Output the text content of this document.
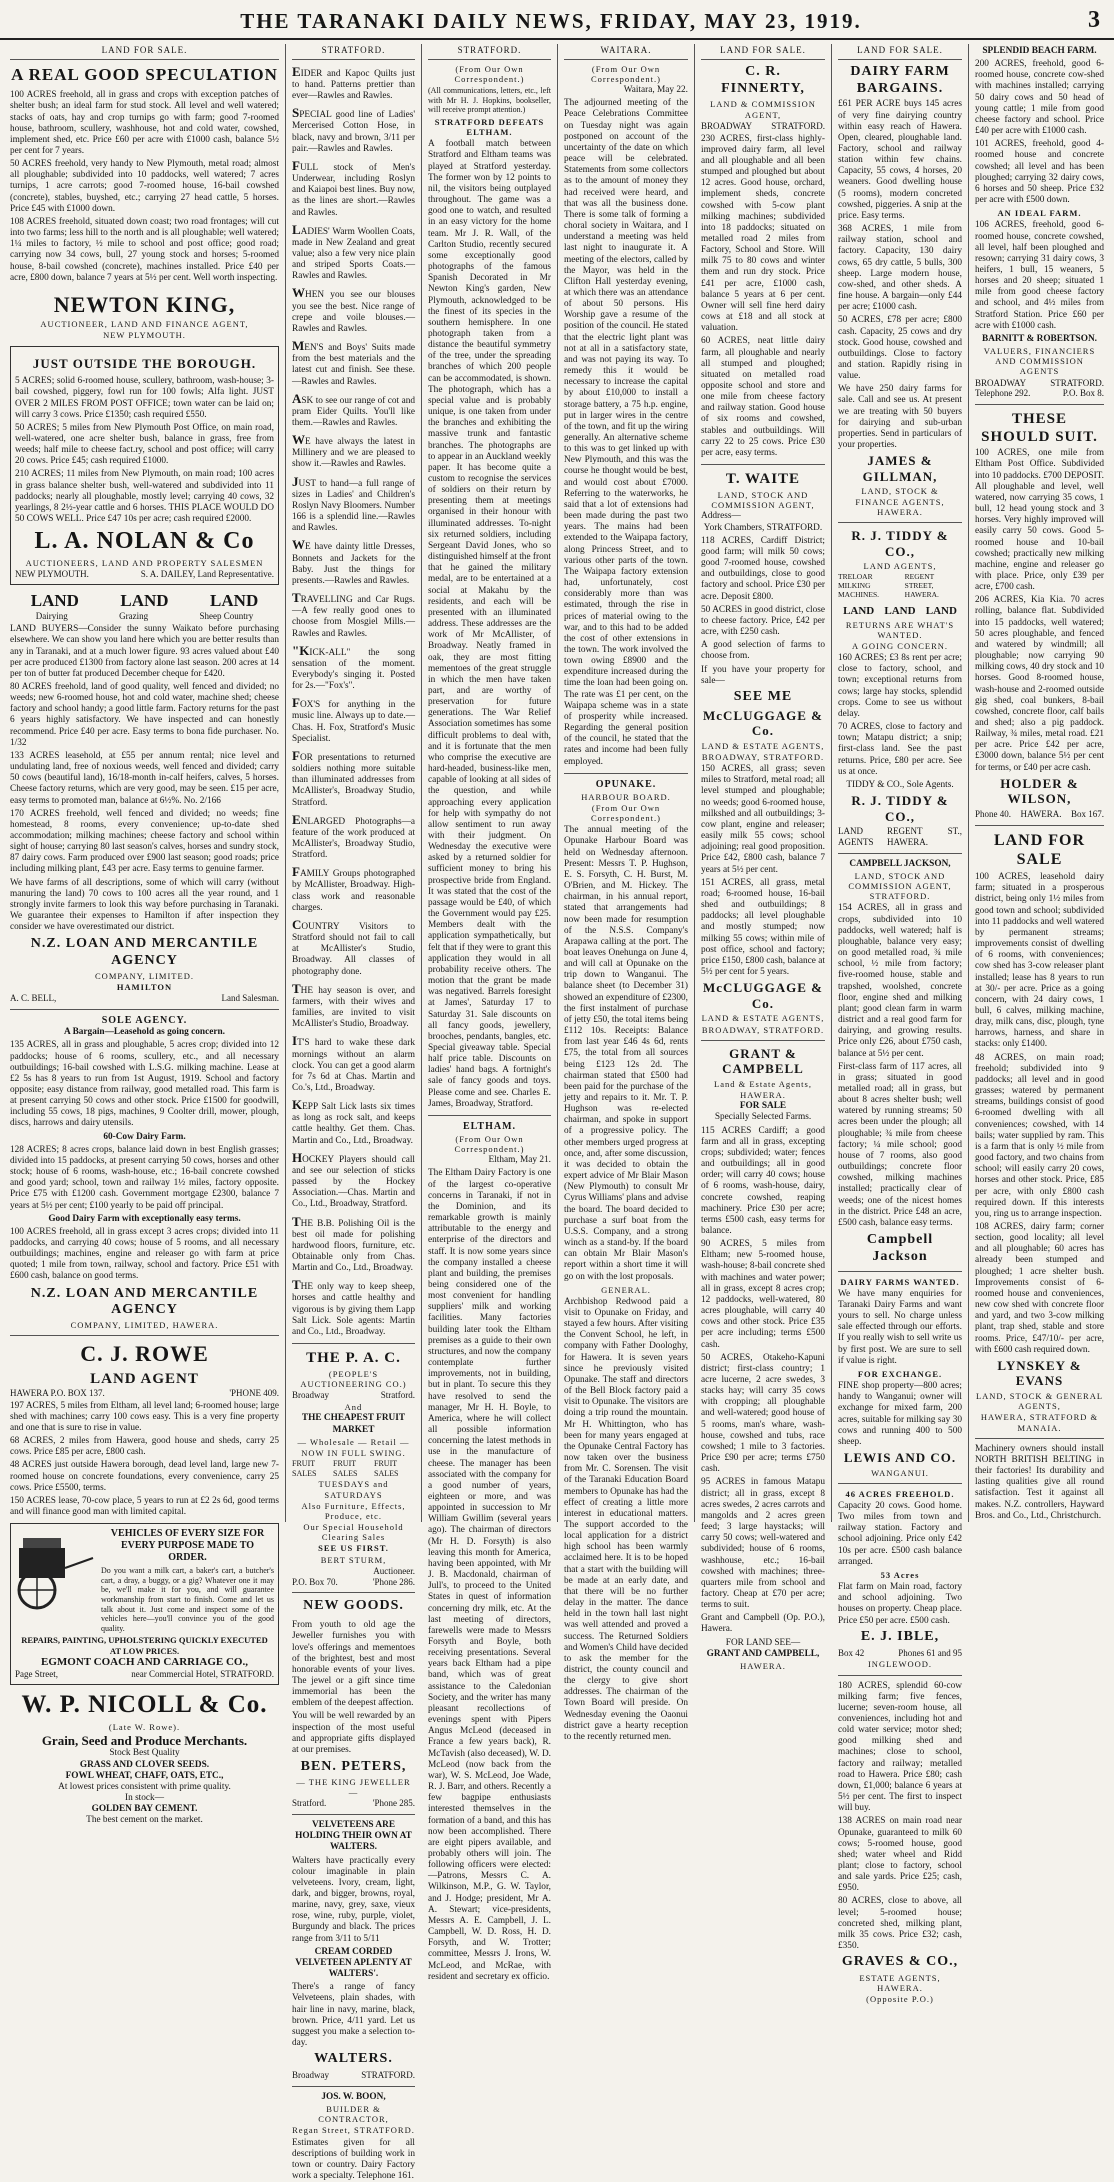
THE TARANAKI DAILY NEWS, FRIDAY, MAY 23, 1919.	3
LAND FOR SALE.
A REAL GOOD SPECULATION

100 ACRES freehold, all in grass and crops with exception patches of shelter bush; an ideal farm for stud stock. All level and well watered; stacks of oats, hay and crop turnips go with farm; good 7-roomed house, bathroom, scullery, washhouse, hot and cold water, cowshed, implement shed, etc. Price £60 per acre with £1000 cash, balance 5½ per cent for 7 years.

50 ACRES freehold, very handy to New Plymouth, metal road; almost all ploughable; subdivided into 10 paddocks, well watered; 7 acres turnips, 1 acre carrots; good 7-roomed house, 16-bail cowshed (concrete), stables, buyshed, etc.; carrying 27 head cattle, 5 horses. Price £45 with £1000 down.

108 ACRES freehold, situated down coast; two road frontages; will cut into two farms; less hill to the north and is all ploughable; well watered; 1¼ miles to factory, ½ mile to school and post office; good road; carrying now 34 cows, bull, 27 young stock and horses; 5-roomed house, 8-bail cowshed (concrete), machines installed. Price £40 per acre, £800 down, balance 7 years at 5½ per cent. Well worth inspecting.

NEWTON KING,
AUCTIONEER, LAND AND FINANCE AGENT,
NEW PLYMOUTH.
JUST OUTSIDE THE BOROUGH.

5 ACRES; solid 6-roomed house, scullery, bathroom, wash-house; 3-bail cowshed, piggery, fowl run for 100 fowls; Alfa light. JUST OVER 2 MILES FROM POST OFFICE; town water can be laid on; will carry 3 cows. Price £1350; cash required £550.

50 ACRES; 5 miles from New Plymouth Post Office, on main road, well-watered, one acre shelter bush, balance in grass, free from weeds; half mile to cheese fact.ry, school and post office; will carry 20 cows. Price £45; cash required £1000.

210 ACRES; 11 miles from New Plymouth, on main road; 100 acres in grass balance shelter bush, well-watered and subdivided into 11 paddocks; nearly all ploughable, mostly level; carrying 40 cows, 32 yearlings, 8 2½-year cattle and 6 horses. THIS PLACE WOULD DO 50 COWS WELL. Price £47 10s per acre; cash required £2000.

L. A. NOLAN & Co
AUCTIONEERS, LAND AND PROPERTY SALESMEN
NEW PLYMOUTH.	S. A. DAILEY, Land Representative.
LAND LAND LAND
Dairying	Grazing	Sheep Country

LAND BUYERS—Consider the sunny Waikato before purchasing elsewhere. We can show you land here which you are better results than any in Taranaki, and at a much lower figure. 93 acres valued about £40 per acre produced £1300 from factory alone last season. 200 acres at 14 per ton of butter fat produced December cheque for £420.

80 ACRES freehold, land of good quality, well fenced and divided; no weeds; new 6-roomed house, hot and cold water, machine shed; cheese factory and school handy; a good little farm. Factory returns for the past 6 years highly satisfactory. We have inspected and can honestly recommend. Price £40 per acre. Easy terms to bona fide purchaser. No. 1/32

133 ACRES leasehold, at £55 per annum rental; nice level and undulating land, free of noxious weeds, well fenced and divided; carry 50 cows (beautiful land), 16/18-month in-calf heifers, calves, 5 horses. Cheese factory returns, which are very good, may be seen. £15 per acre, easy terms to promoted man, balance at 6½%. No. 2/166

170 ACRES freehold, well fenced and divided; no weeds; fine homestead, 8 rooms, every convenience; up-to-date shed accommodation; milking machines; cheese factory and school within sight of house; carrying 80 last season's calves, horses and sundry stock, 87 dairy cows. Farm produced over £900 last season; good roads; price including milking plant, £43 per acre. Easy terms to genuine farmer.

We have farms of all descriptions, some of which will carry (without manuring the land) 70 cows to 100 acres all the year round, and 1 strongly invite farmers to look this way before purchasing in Taranaki. We guarantee their expenses to Hamilton if after inspection they consider we have overestimated our district.

N.Z. LOAN AND MERCANTILE AGENCY
COMPANY, LIMITED.
HAMILTON
A. C. BELL,	Land Salesman.
SOLE AGENCY.
A Bargain—Leasehold as going concern.

135 ACRES, all in grass and ploughable, 5 acres crop; divided into 12 paddocks; house of 6 rooms, scullery, etc., and all necessary outbuildings; 16-bail cowshed with L.S.G. milking machine. Lease at £2 5s has 8 years to run from 1st August, 1919. School and factory opposite; easy distance from railway, good metalled road. This farm is at present carrying 50 cows and other stock. Price £1500 for goodwill, including 55 cows, 18 pigs, machines, 9 Coolter drill, mower, plough, discs, harrows and dairy utensils.

60-Cow Dairy Farm.

128 ACRES; 8 acres crops, balance laid down in best English grasses; divided into 15 paddocks, at present carrying 50 cows, horses and other stock; house of 6 rooms, wash-house, etc.; 16-bail concrete cowshed and good yard; school, town and railway 1½ miles, factory opposite. Price £75 with £1200 cash. Government mortgage £2300, balance 7 years at 5½ per cent; £100 yearly to be paid off principal.

Good Dairy Farm with exceptionally easy terms.

100 ACRES freehold, all in grass except 3 acres crops; divided into 11 paddocks, and carrying 40 cows; house of 5 rooms, and all necessary outbuildings; machines, engine and releaser go with farm at price quoted; 1 mile from town, railway, school and factory. Price £51 with £600 cash, balance on good terms.

N.Z. LOAN AND MERCANTILE AGENCY
COMPANY, LIMITED, HAWERA.
C. J. ROWE
LAND AGENT
HAWERA P.O. BOX 137.	'PHONE 409.

197 ACRES, 5 miles from Eltham, all level land; 6-roomed house; large shed with machines; carry 100 cows easy. This is a very fine property and one that is sure to rise in value.

68 ACRES, 2 miles from Hawera, good house and sheds, carry 25 cows. Price £85 per acre, £800 cash.

48 ACRES just outside Hawera borough, dead level land, large new 7-roomed house on concrete foundations, every convenience, carry 25 cows. Price £5500, terms.

150 ACRES lease, 70-cow place, 5 years to run at £2 2s 6d, good terms and will finance good man with limited capital.

VEHICLES OF EVERY SIZE FOR EVERY PURPOSE MADE TO ORDER.

Do you want a milk cart, a baker's cart, a butcher's cart, a dray, a buggy, or a gig? Whatever one it may be, we'll make it for you, and will guarantee workmanship from start to finish. Come and let us talk about it. Just come and inspect some of the vehicles here—you'll convince you of the good quality.

REPAIRS, PAINTING, UPHOLSTERING QUICKLY EXECUTED AT LOW PRICES.
EGMONT COACH AND CARRIAGE CO.,
Page Street,	near Commercial Hotel, STRATFORD.
W. P. NICOLL & Co.
(Late W. Rowe).
Grain, Seed and Produce Merchants.
Stock Best Quality
GRASS AND CLOVER SEEDS.
FOWL WHEAT, CHAFF, OATS, ETC.,
At lowest prices consistent with prime quality.
In stock—
GOLDEN BAY CEMENT.
The best cement on the market.
STRATFORD.
EIDER and Kapoc Quilts just to hand. Patterns prettier than ever—Rawles and Rawles.
SPECIAL good line of Ladies' Mercerised Cotton Hose, in black, navy and brown, 3/11 per pair.—Rawles and Rawles.
FULL stock of Men's Underwear, including Roslyn and Kaiapoi best lines. Buy now, as the lines are short.—Rawles and Rawles.
LADIES' Warm Woollen Coats, made in New Zealand and great value; also a few very nice plain and striped Sports Coats.—Rawles and Rawles.
WHEN you see our blouses you see the best. Nice range of crepe and voile blouses.—Rawles and Rawles.
MEN'S and Boys' Suits made from the best materials and the latest cut and finish. See these.—Rawles and Rawles.
ASK to see our range of cot and pram Eider Quilts. You'll like them.—Rawles and Rawles.
WE have always the latest in Millinery and we are pleased to show it.—Rawles and Rawles.
JUST to hand—a full range of sizes in Ladies' and Children's Roslyn Navy Bloomers. Number 166 is a splendid line.—Rawles and Rawles.
WE have dainty little Dresses, Bonnets and Jackets for the Baby. Just the things for presents.—Rawles and Rawles.
TRAVELLING and Car Rugs.—A few really good ones to choose from Mosgiel Mills.—Rawles and Rawles.
"KICK-ALL" the song sensation of the moment. Everybody's singing it. Posted for 2s.—"Fox's".
FOX'S for anything in the music line. Always up to date.—Chas. H. Fox, Stratford's Music Specialist.
FOR presentations to returned soldiers nothing more suitable than illuminated addresses from McAllister's, Broadway Studio, Stratford.
ENLARGED Photographs—a feature of the work produced at McAllister's, Broadway Studio, Stratford.
FAMILY Groups photographed by McAllister, Broadway. High-class work and reasonable charges.
COUNTRY Visitors to Stratford should not fail to call at McAllister's Studio, Broadway. All classes of photography done.
THE hay season is over, and farmers, with their wives and families, are invited to visit McAllister's Studio, Broadway.
IT'S hard to wake these dark mornings without an alarm clock. You can get a good alarm for 7s 6d at Chas. Martin and Co.'s, Ltd., Broadway.
KEPP Salt Lick lasts six times as long as rock salt, and keeps cattle healthy. Get them. Chas. Martin and Co., Ltd., Broadway.
HOCKEY Players should call and see our selection of sticks passed by the Hockey Association.—Chas. Martin and Co., Ltd., Broadway, Stratford.
THE B.B. Polishing Oil is the best oil made for polishing hardwood floors, furniture, etc. Obtainable only from Chas. Martin and Co., Ltd., Broadway.
THE only way to keep sheep, horses and cattle healthy and vigorous is by giving them Lapp Salt Lick. Sole agents: Martin and Co., Ltd., Broadway.
THE P. A. C.
(PEOPLE'S AUCTIONEERING CO.)
Broadway	Stratford.
And
THE CHEAPEST FRUIT MARKET
— Wholesale — Retail —
NOW IN FULL SWING.
FRUIT SALES
FRUIT SALES
FRUIT SALES
TUESDAYS and SATURDAYS
Also Furniture, Effects, Produce, etc.
Our Special Household Clearing Sales
SEE US FIRST.
BERT STURM,
Auctioneer.
P.O. Box 70.	'Phone 286.
NEW GOODS.

From youth to old age the Jeweller furnishes you with love's offerings and mementoes of the brightest, best and most honorable events of your lives. The jewel or a gift since time immemorial has been the emblem of the deepest affection.

You will be well rewarded by an inspection of the most useful and appropriate gifts displayed at our premises.

BEN. PETERS,
— THE KING JEWELLER —
Stratford.	'Phone 285.
VELVETEENS ARE HOLDING THEIR OWN AT WALTERS.

Walters have practically every colour imaginable in plain velveteens. Ivory, cream, light, dark, and bigger, browns, royal, marine, navy, grey, saxe, vieux rose, wine, ruby, purple, violet, Burgundy and black. The prices range from 3/11 to 5/11

CREAM CORDED VELVETEEN APLENTY AT WALTERS'.

There's a range of fancy Velveteens, plain shades, with hair line in navy, marine, black, brown. Price, 4/11 yard. Let us suggest you make a selection to-day.

WALTERS.
Broadway	STRATFORD.
JOS. W. BOON,
BUILDER & CONTRACTOR,
Regan Street, STRATFORD.

Estimates given for all descriptions of building work in town or country. Dairy Factory work a specialty. Telephone 161.

STRATFORD.
(From Our Own Correspondent.)

(All communications, letters, etc., left with Mr H. J. Hopkins, bookseller, will receive prompt attention.)

STRATFORD DEFEATS ELTHAM.

A football match between Stratford and Eltham teams was played at Stratford yesterday. The former won by 12 points to nil, the visitors being outplayed throughout. The game was a good one to watch, and resulted in an easy victory for the home team. Mr J. R. Wall, of the Carlton Studio, recently secured some exceptionally good photographs of the famous Spanish Decorated in Mr Newton King's garden, New Plymouth, acknowledged to be the finest of its species in the southern hemisphere. In one photograph taken from a distance the beautiful symmetry of the tree, under the spreading branches of which 200 people can be accommodated, is shown. The photograph, which has a special value and is probably unique, is one taken from under the branches and exhibiting the massive trunk and fantastic branches. The photographs are to appear in an Auckland weekly paper. It has become quite a custom to recognise the services of soldiers on their return by presenting them at meetings organised in their honour with illuminated addresses. To-night six returned soldiers, including Sergeant David Jones, who so distinguished himself at the front that he gained the military medal, are to be entertained at a social at Makahu by the residents, and each will be presented with an illuminated address. These addresses are the work of Mr McAllister, of Broadway. Neatly framed in oak, they are most fitting mementoes of the great struggle in which the men have taken part, and are worthy of preservation for future generations. The War Relief Association sometimes has some difficult problems to deal with, and it is fortunate that the men who comprise the executive are hard-headed, business-like men, capable of looking at all sides of the question, and while approaching every application for help with sympathy do not allow sentiment to run away with their judgment. On Wednesday the executive were asked by a returned soldier for sufficient money to bring his prospective bride from England. It was stated that the cost of the passage would be £40, of which the Government would pay £25. Members dealt with the application sympathetically, but felt that if they were to grant this application they would in all probability receive others. The motion that the grant be made was negatived. Barrels foresight at James', Saturday 17 to Saturday 31. Sale discounts on all fancy goods, jewellery, brooches, pendants, bangles, etc. Special giveaway table. Special half price table. Discounts on ladies' hand bags. A fortnight's sale of fancy goods and toys. Please come and see. Charles E. James, Broadway, Stratford.

ELTHAM.
(From Our Own Correspondent.)
Eltham, May 21.

The Eltham Dairy Factory is one of the largest co-operative concerns in Taranaki, if not in the Dominion, and its remarkable growth is mainly attributable to the energy and enterprise of the directors and staff. It is now some years since the company installed a cheese plant and building, the premises being considered one of the most convenient for handling suppliers' milk and working facilities. Many factories building later took the Eltham premises as a guide to their own structures, and now the company contemplate further improvements, not in building, but in plant. To secure this they have resolved to send the manager, Mr H. H. Boyle, to America, where he will collect all possible information concerning the latest methods in use in the manufacture of cheese. The manager has been associated with the company for a good number of years, eighteen or more, and was appointed in succession to Mr William Gwillim (several years ago). The chairman of directors (Mr H. D. Forsyth) is also leaving this month for America, having been appointed, with Mr J. B. Macdonald, chairman of Jull's, to proceed to the United States in quest of information concerning dry milk, etc. At the last meeting of directors, farewells were made to Messrs Forsyth and Boyle, both receiving presentations. Several years back Eltham had a pipe band, which was of great assistance to the Caledonian Society, and the writer has many pleasant recollections of evenings spent with Pipers Angus McLeod (deceased in France a few years back), R. McTavish (also deceased), W. D. McLeod (now back from the war), W. S. McLeod, Joe Wade, R. J. Barr, and others. Recently a few bagpipe enthusiasts interested themselves in the formation of a band, and this has now been accomplished. There are eight pipers available, and probably others will join. The following officers were elected:—Patrons, Messrs C. A. Wilkinson, M.P., G. W. Taylor, and J. Hodge; president, Mr A. A. Stewart; vice-presidents, Messrs A. E. Campbell, J. L. Campbell, W. D. Ross, H. D. Forsyth, and W. Trotter; committee, Messrs J. Irons, W. McLeod, and McRae, with resident and secretary ex officio.

WAITARA.
(From Our Own Correspondent.)
Waitara, May 22.

The adjourned meeting of the Peace Celebrations Committee on Tuesday night was again postponed on account of the uncertainty of the date on which peace will be celebrated. Statements from some collectors as to the amount of money they had received were heard, and that was all the business done. There is some talk of forming a choral society in Waitara, and I understand a meeting was held last night to inaugurate it. A meeting of the electors, called by the Mayor, was held in the Clifton Hall yesterday evening, at which there was an attendance of about 50 persons. His Worship gave a resume of the position of the council. He stated that the electric light plant was not at all in a satisfactory state, and was not paying its way. To remedy this it would be necessary to increase the capital by about £10,000 to install a storage battery, a 75 h.p. engine, put in larger wires in the centre of the town, and fit up the wiring generally. An alternative scheme to this was to get linked up with New Plymouth, and this was the course he thought would be best, and would cost about £7000. Referring to the waterworks, he said that a lot of extensions had been made during the past two years. The mains had been extended to the Waipapa factory, along Princess Street, and to various other parts of the town. The Waipapa factory extension had, unfortunately, cost considerably more than was estimated, through the rise in prices of material owing to the war, and to this had to be added the cost of other extensions in the town. The work involved the town owing £8900 and the expenditure increased during the time the loan had been going on. The rate was £1 per cent, on the Waipapa scheme was in a state of prosperity while increased. Regarding the general position of the council, he stated that the rates and income had been fully employed.

OPUNAKE.
HARBOUR BOARD.
(From Our Own Correspondent.)

The annual meeting of the Opunake Harbour Board was held on Wednesday afternoon. Present: Messrs T. P. Hughson, E. S. Forsyth, C. H. Burst, M. O'Brien, and M. Hickey. The chairman, in his annual report, stated that arrangements had now been made for resumption of the N.S.S. Company's Arapawa calling at the port. The boat leaves Onehunga on June 4, and will call at Opunake on the trip down to Wanganui. The balance sheet (to December 31) showed an expenditure of £2300, the first instalment of purchase of jetty £50, the total items being £112 10s. Receipts: Balance from last year £46 4s 6d, rents £75, the total from all sources being £123 12s 2d. The chairman stated that £500 had been paid for the purchase of the jetty and repairs to it. Mr. T. P. Hughson was re-elected chairman, and spoke in support of a progressive policy. The other members urged progress at once, and, after some discussion, it was decided to obtain the expert advice of Mr Blair Mason (New Plymouth) to consult Mr Cyrus Williams' plans and advise the board. The board decided to purchase a surf boat from the U.S.S. Company, and a strong winch as a stand-by. If the board can obtain Mr Blair Mason's report within a short time it will go on with the lost proposals.

GENERAL.

Archbishop Redwood paid a visit to Opunake on Friday, and stayed a few hours. After visiting the Convent School, he left, in company with Father Doologhy, for Hawera. It is seven years since he previously visited Opunake. The staff and directors of the Bell Block factory paid a visit to Opunake. The visitors are doing a trip round the mountain. Mr H. Whittington, who has been for many years engaged at the Opunake Central Factory has now taken over the business from Mr. C. Sorensen. The visit of the Taranaki Education Board members to Opunake has had the effect of creating a little more interest in educational matters. The support accorded to the local application for a district high school has been warmly acclaimed here. It is to be hoped that a start with the building will be made at an early date, and that there will be no further delay in the matter. The dance held in the town hall last night was well attended and proved a success. The Returned Soldiers and Women's Child have decided to ask the member for the district, the county council and the clergy to give short addresses. The chairman of the Town Board will preside. On Wednesday evening the Oaonui district gave a hearty reception to the recently returned men.

LAND FOR SALE.
C. R. FINNERTY,
LAND & COMMISSION AGENT,
BROADWAY STRATFORD.

230 ACRES, first-class highly-improved dairy farm, all level and all ploughable and all been stumped and ploughed but about 12 acres. Good house, orchard, implement sheds, concrete cowshed with 5-cow plant milking machines; subdivided into 18 paddocks; situated on metalled road 2 miles from Factory, School and Store. Will milk 75 to 80 cows and winter them and run dry stock. Price £41 per acre, £1000 cash, balance 5 years at 6 per cent. Owner will sell fine herd dairy cows at £18 and all stock at valuation.

60 ACRES, neat little dairy farm, all ploughable and nearly all stumped and ploughed; situated on metalled road opposite school and store and one mile from cheese factory and railway station. Good house of six rooms and cowshed, stables and outbuildings. Will carry 22 to 25 cows. Price £30 per acre, easy terms.

T. WAITE
LAND, STOCK AND COMMISSION AGENT,
Address—
York Chambers, STRATFORD.

118 ACRES, Cardiff District; good farm; will milk 50 cows; good 7-roomed house, cowshed and outbuildings, close to good factory and school. Price £30 per acre. Deposit £800.

50 ACRES in good district, close to cheese factory. Price, £42 per acre, with £250 cash.

A good selection of farms to choose from.

If you have your property for sale—

SEE ME
McCLUGGAGE & Co.
LAND & ESTATE AGENTS,
BROADWAY, STRATFORD.

150 ACRES, all grass; seven miles to Stratford, metal road; all level stumped and ploughable; no weeds; good 6-roomed house, milkshed and all outbuildings; 3-cow plant, engine and releaser; easily milk 55 cows; school adjoining; real good proposition. Price £42, £800 cash, balance 7 years at 5½ per cent.

151 ACRES, all grass, metal road; 6-roomed house, 16-bail shed and outbuildings; 8 paddocks; all level ploughable and mostly stumped; now milking 55 cows; within mile of post office, school and factory; price £150, £800 cash, balance at 5½ per cent for 5 years.

McCLUGGAGE & Co.
LAND & ESTATE AGENTS,
BROADWAY, STRATFORD.
GRANT & CAMPBELL
Land & Estate Agents,
HAWERA.
FOR SALE
Specially Selected Farms.

115 ACRES Cardiff; a good farm and all in grass, excepting crops; subdivided; water; fences and outbuildings; all in good order; will carry 40 cows; house of 6 rooms, wash-house, dairy, concrete cowshed, reaping machinery. Price £30 per acre; terms £500 cash, easy terms for balance.

90 ACRES, 5 miles from Eltham; new 5-roomed house, wash-house; 8-bail concrete shed with machines and water power; all in grass, except 8 acres crop; 12 paddocks, well-watered, 80 acres ploughable, will carry 40 cows and other stock. Price £35 per acre including; terms £500 cash.

50 ACRES, Otakeho-Kapuni district; first-class country; 1 acre lucerne, 2 acre swedes, 3 stacks hay; will carry 35 cows with cropping; all ploughable and well-watered; good house of 5 rooms, man's whare, wash-house, cowshed and tubs, race cowshed; 1 mile to 3 factories. Price £90 per acre; terms £750 cash.

95 ACRES in famous Matapu district; all in grass, except 8 acres swedes, 2 acres carrots and mangolds and 2 acres green feed; 3 large haystacks; will carry 50 cows; well-watered and subdivided; house of 6 rooms, washhouse, etc.; 16-bail cowshed with machines; three-quarters mile from school and factory. Cheap at £70 per acre; terms to suit.

Grant and Campbell (Op. P.O.), Hawera.

FOR LAND SEE—
GRANT AND CAMPBELL,
HAWERA.
LAND FOR SALE.
DAIRY FARM BARGAINS.

£61 PER ACRE buys 145 acres of very fine dairying country within easy reach of Hawera. Open, cleared, ploughable land. Factory, school and railway station within few chains. Capacity, 55 cows, 4 horses, 20 weaners. Good dwelling house (5 rooms), modern concreted cowshed, piggeries. A snip at the price. Easy terms.

368 ACRES, 1 mile from railway station, school and factory. Capacity, 130 dairy cows, 65 dry cattle, 5 bulls, 300 sheep. Large modern house, cow-shed, and other sheds. A fine house. A bargain—only £44 per acre; £1000 cash.

50 ACRES, £78 per acre; £800 cash. Capacity, 25 cows and dry stock. Good house, cowshed and outbuildings. Close to factory and station. Rapidly rising in value.

We have 250 dairy farms for sale. Call and see us. At present we are treating with 50 buyers for dairying and sub-urban properties. Send in particulars of your properties.

JAMES & GILLMAN,
LAND, STOCK & FINANCE AGENTS, HAWERA.
R. J. TIDDY & CO.,
LAND AGENTS,
TRELOAR MILKING MACHINES.
REGENT STREET, HAWERA.
LAND LAND LAND
RETURNS ARE WHAT'S WANTED.
A GOING CONCERN.

160 ACRES; £3 8s rent per acre; close to factory, school, and town; exceptional returns from cows; large hay stocks, splendid crops. Come to see us without delay.

70 ACRES, close to factory and town; Matapu district; a snip; first-class land. See the past returns. Price, £80 per acre. See us at once.

TIDDY & CO., Sole Agents.
R. J. TIDDY & CO.,
LAND AGENTS
REGENT ST., HAWERA.
CAMPBELL JACKSON,
LAND, STOCK AND COMMISSION AGENT, STRATFORD.

154 ACRES, all in grass and crops, subdivided into 10 paddocks, well watered; half is ploughable, balance very easy; on good metalled road, ¾ mile school, ½ mile from factory; five-roomed house, stable and trapshed, woolshed, concrete floor, engine shed and milking plant; good clean farm in warm district and a real good farm for dairying, and growing results. Price only £26, about £750 cash, balance at 5½ per cent.

First-class farm of 117 acres, all in grass; situated in good metalled road; all in grass, but about 8 acres shelter bush; well watered by running streams; 50 acres been under the plough; all ploughable; ¾ mile from cheese factory; ¼ mile school; good house of 7 rooms, also good outbuildings; concrete floor cowshed, milking machines installed; practically clear of weeds; one of the nicest homes in the district. Price £48 an acre, £500 cash, balance easy terms.

Campbell Jackson
DAIRY FARMS WANTED.

We have many enquiries for Taranaki Dairy Farms and want yours to sell. No charge unless sale effected through our efforts. If you really wish to sell write us by first post. We are sure to sell if value is right.

FOR EXCHANGE.

FINE shop property—800 acres; handy to Wanganui; owner will exchange for mixed farm, 200 acres, suitable for milking say 30 cows and running 400 to 500 sheep.

LEWIS AND CO.
WANGANUI.
46 ACRES FREEHOLD.

Capacity 20 cows. Good home. Two miles from town and railway station. Factory and school adjoining. Price only £42 10s per acre. £500 cash balance arranged.

53 Acres

Flat farm on Main road, factory and school adjoining. Two houses on property. Cheap place. Price £50 per acre. £500 cash.

E. J. IBLE,
Box 42	Phones 61 and 95
INGLEWOOD.

180 ACRES, splendid 60-cow milking farm; five fences, lucerne; seven-room house, all conveniences, including hot and cold water service; motor shed; good milking shed and machines; close to school, factory and railway; metalled road to Hawera. Price £80; cash down, £1,000; balance 6 years at 5½ per cent. The first to inspect will buy.

138 ACRES on main road near Opunake, guaranteed to milk 60 cows; 5-roomed house, good shed; water wheel and Ridd plant; close to factory, school and sale yards. Price £25; cash, £950.

80 ACRES, close to above, all level; 5-roomed house; concreted shed, milking plant, milk 35 cows. Price £32; cash, £350.

GRAVES & CO.,
ESTATE AGENTS, HAWERA.
(Opposite P.O.)
SPLENDID BEACH FARM.

200 ACRES, freehold, good 6-roomed house, concrete cow-shed with machines installed; carrying 50 dairy cows and 50 head of young cattle; 1 mile from good cheese factory and school. Price £40 per acre with £1000 cash.

101 ACRES, freehold, good 4-roomed house and concrete cowshed; all level and has been ploughed; carrying 32 dairy cows, 6 horses and 50 sheep. Price £32 per acre with £500 down.

AN IDEAL FARM.

106 ACRES, freehold, good 6-roomed house, concrete cowshed, all level, half been ploughed and resown; carrying 31 dairy cows, 3 heifers, 1 bull, 15 weaners, 5 horses and 20 sheep; situated 1 mile from good cheese factory and school, and 4½ miles from Stratford Station. Price £60 per acre with £1000 cash.

BARNITT & ROBERTSON.
VALUERS, FINANCIERS AND COMMISSION AGENTS
BROADWAY	STRATFORD.
Telephone 292.	P.O. Box 8.
THESE SHOULD SUIT.

100 ACRES, one mile from Eltham Post Office. Subdivided into 10 paddocks. £700 DEPOSIT. All ploughable and level, well watered, now carrying 35 cows, 1 bull, 12 head young stock and 3 horses. Very highly improved will easily carry 50 cows. Good 5-roomed house and 10-bail cowshed; practically new milking machine, engine and releaser go with place. Price, only £39 per acre, £700 cash.

206 ACRES, Kia Kia. 70 acres rolling, balance flat. Subdivided into 15 paddocks, well watered; 50 acres ploughable, and fenced and watered by windmill; all ploughable; now carrying 90 milking cows, 40 dry stock and 10 horses. Good 8-roomed house, wash-house and 2-roomed outside gig shed, coal bunkers, 8-bail cowshed, concrete floor, calf bails and shed; also a pig paddock. Railway, ¾ miles, metal road. £21 per acre. Price £42 per acre, £3000 down, balance 5½ per cent for terms, or £40 per acre cash.

HOLDER & WILSON,
Phone 40. HAWERA. Box 167.
LAND FOR SALE

100 ACRES, leasehold dairy farm; situated in a prosperous district, being only 1½ miles from good town and school; subdivided into 11 paddocks and well watered by permanent streams; improvements consist of dwelling of 6 rooms, with conveniences; cow shed has 3-cow releaser plant installed; lease has 8 years to run at 30/- per acre. Price as a going concern, with 24 dairy cows, 1 bull, 6 calves, milking machine, dray, milk cans, disc, plough, tyne harrows, harness, and share in stacks: only £1400.

48 ACRES, on main road; freehold; subdivided into 9 paddocks; all level and in good grasses; watered by permanent streams, buildings consist of good 6-roomed dwelling with all conveniences; cowshed, with 14 bails; water supplied by ram. This is a farm that is only ½ mile from good factory, and two chains from school; will easily carry 20 cows, horses and other stock. Price, £85 per acre, with only £800 cash required down. If this interests you, ring us to arrange inspection.

108 ACRES, dairy farm; corner section, good locality; all level and all ploughable; 60 acres has already been stumped and ploughed; 1 acre shelter bush. Improvements consist of 6-roomed house and conveniences, new cow shed with concrete floor and yard, and two 3-cow milking plant, trap shed, stable and store rooms. Price, £47/10/- per acre, with £600 cash required down.

LYNSKEY & EVANS
LAND, STOCK & GENERAL AGENTS,
HAWERA, STRATFORD & MANAIA.

Machinery owners should install NORTH BRITISH BELTING in their factories! Its durability and lasting qualities give all round satisfaction. Test it against all makes. N.Z. controllers, Hayward Bros. and Co., Ltd., Christchurch.
